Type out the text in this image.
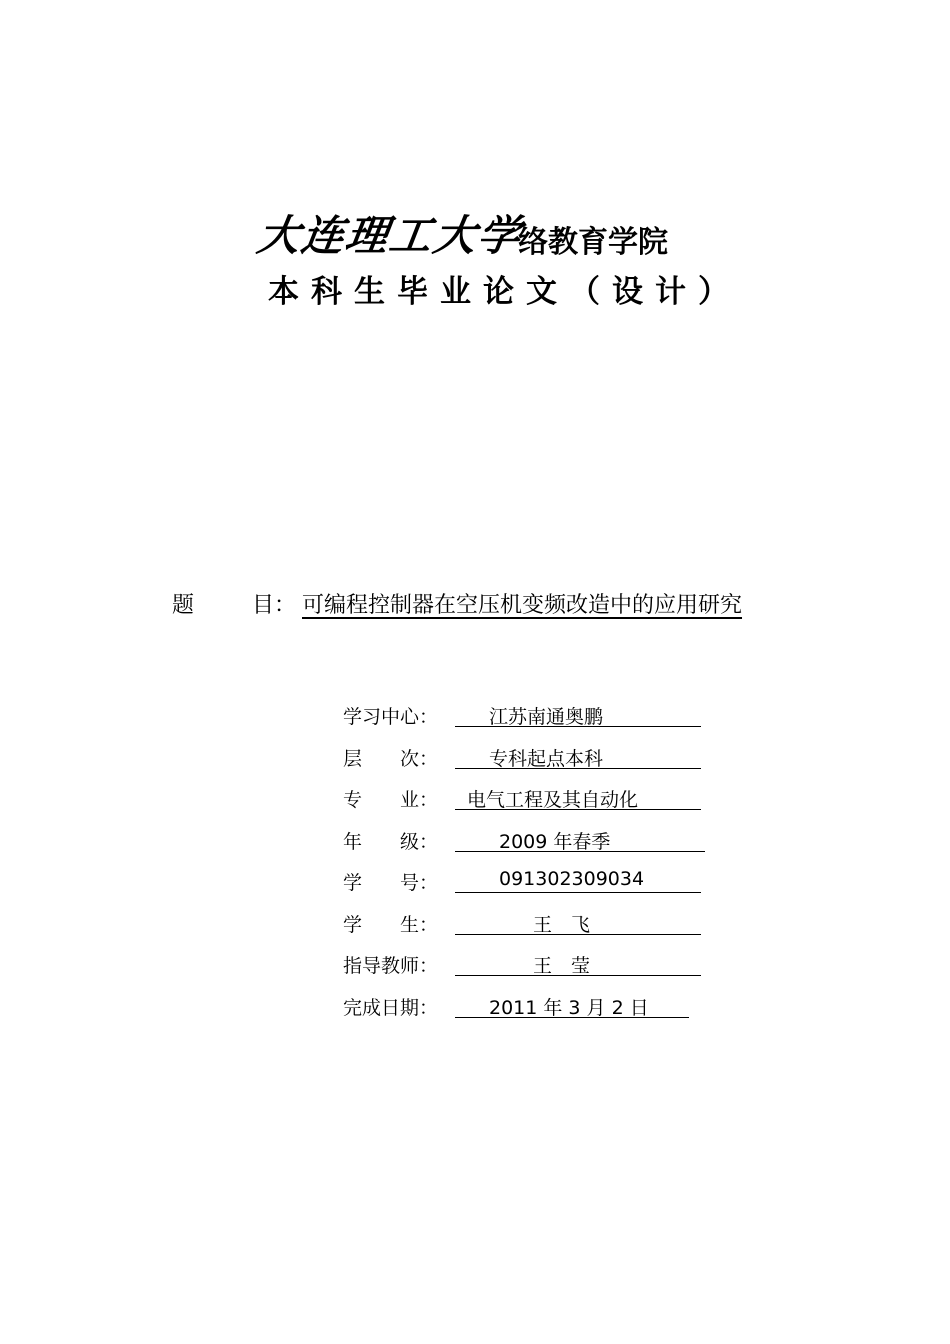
大连理工大学络教育学院
本科生毕业论文（设计）
题	目： 可编程控制器在空压机变频改造中的应用研究
学习中心：	江苏南通奥鹏
层　　次：	专科起点本科
专　　业：	电气工程及其自动化
年　　级：	2009 年春季
学　　号：	091302309034
学　　生：	王　飞
指导教师：	王　莹
完成日期：	2011 年 3 月 2 日
